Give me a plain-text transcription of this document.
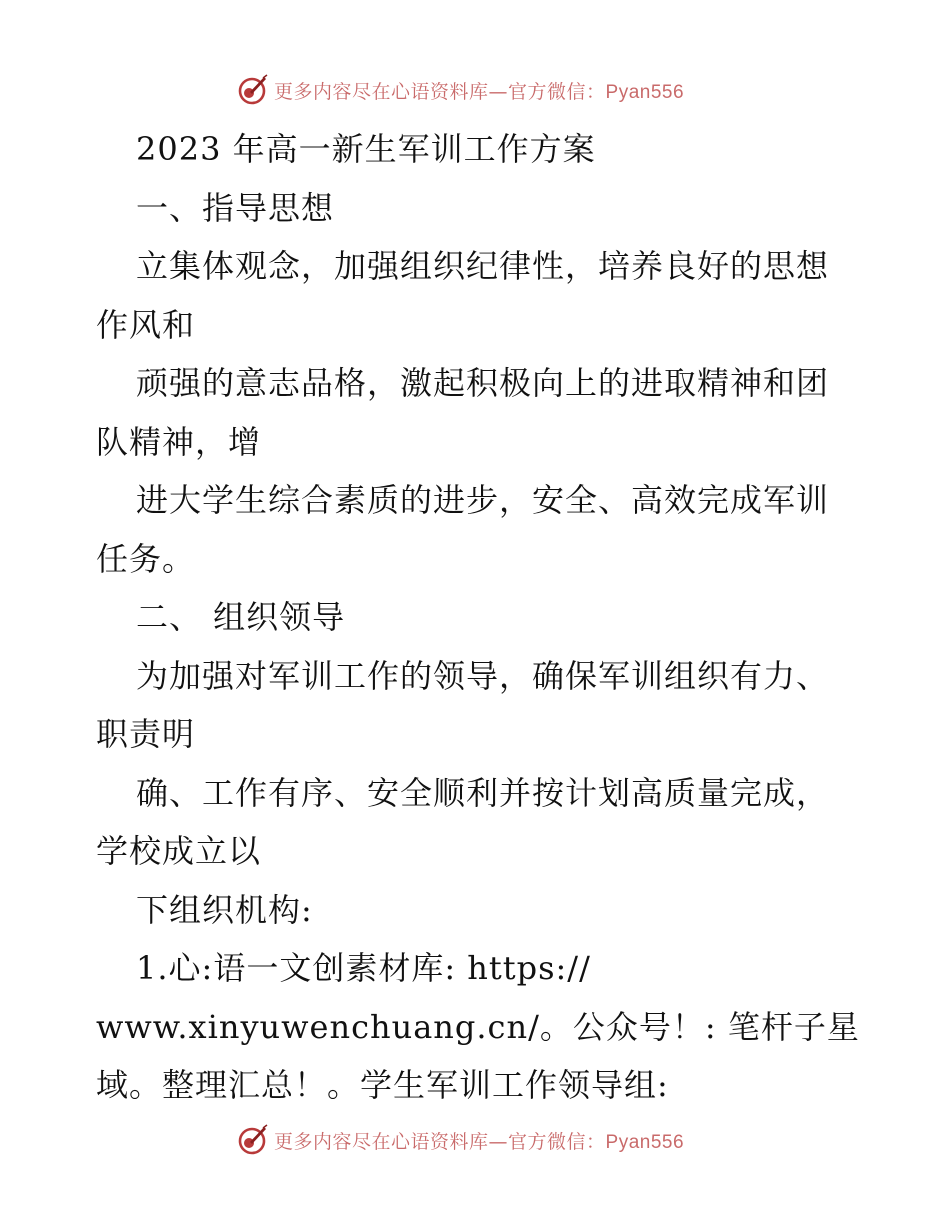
更多内容尽在心语资料库—官方微信：Pyan556
2023 年高一新生军训工作方案
一、指导思想
立集体观念，加强组织纪律性，培养良好的思想
作风和
顽强的意志品格，激起积极向上的进取精神和团
队精神，增
进大学生综合素质的进步，安全、高效完成军训
任务。
二、 组织领导
为加强对军训工作的领导，确保军训组织有力、
职责明
确、工作有序、安全顺利并按计划高质量完成，
学校成立以
下组织机构:
1.心:语一文创素材库: https://
www.xinyuwenchuang.cn/。公众号！: 笔杆子星
域。整理汇总！。学生军训工作领导组:
更多内容尽在心语资料库—官方微信：Pyan556
